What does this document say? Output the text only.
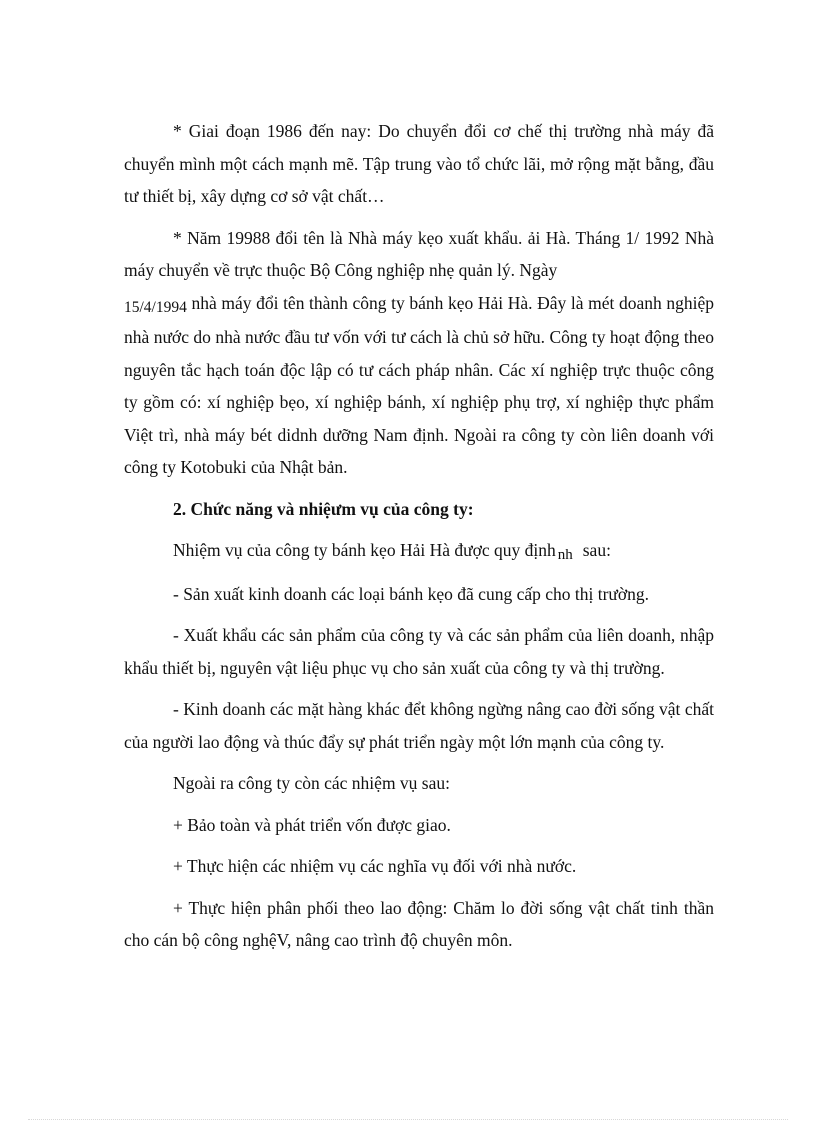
* Giai đoạn 1986 đến nay: Do chuyển đổi cơ chế thị trường nhà máy đã chuyển mình một cách mạnh mẽ. Tập trung vào tổ chức lãi, mở rộng mặt bằng, đầu tư thiết bị, xây dựng cơ sở vật chất…

* Năm 19988 đổi tên là Nhà máy kẹo xuất khẩu. ải Hà. Tháng 1/ 1992 Nhà máy chuyển về trực thuộc Bộ Công nghiệp nhẹ quản lý. Ngày
15/4/1994 nhà máy đổi tên thành công ty bánh kẹo Hải Hà. Đây là mét doanh nghiệp nhà nước do nhà nước đầu tư vốn với tư cách là chủ sở hữu. Công ty hoạt động theo nguyên tắc hạch toán độc lập có tư cách pháp nhân. Các xí nghiệp trực thuộc công ty gồm có: xí nghiệp bẹo, xí nghiệp bánh, xí nghiệp phụ trợ, xí nghiệp thực phẩm Việt trì, nhà máy bét didnh dưỡng Nam định. Ngoài ra công ty còn liên doanh với công ty Kotobuki của Nhật bản.

2. Chức năng và nhiệưm vụ của công ty:

Nhiệm vụ của công ty bánh kẹo Hải Hà được quy định nh sau:

- Sản xuất kinh doanh các loại bánh kẹo đã cung cấp cho thị trường.

- Xuất khẩu các sản phẩm của công ty và các sản phẩm của liên doanh, nhập khẩu thiết bị, nguyên vật liệu phục vụ cho sản xuất của công ty và thị trường.

- Kinh doanh các mặt hàng khác đểt không ngừng nâng cao đời sống vật chất của người lao động và thúc đẩy sự phát triển ngày một lớn mạnh của công ty.

Ngoài ra công ty còn các nhiệm vụ sau:

+ Bảo toàn và phát triển vốn được giao.

+ Thực hiện các nhiệm vụ các nghĩa vụ đối với nhà nước.

+ Thực hiện phân phối theo lao động: Chăm lo đời sống vật chất tinh thần cho cán bộ công nghệV, nâng cao trình độ chuyên môn.
